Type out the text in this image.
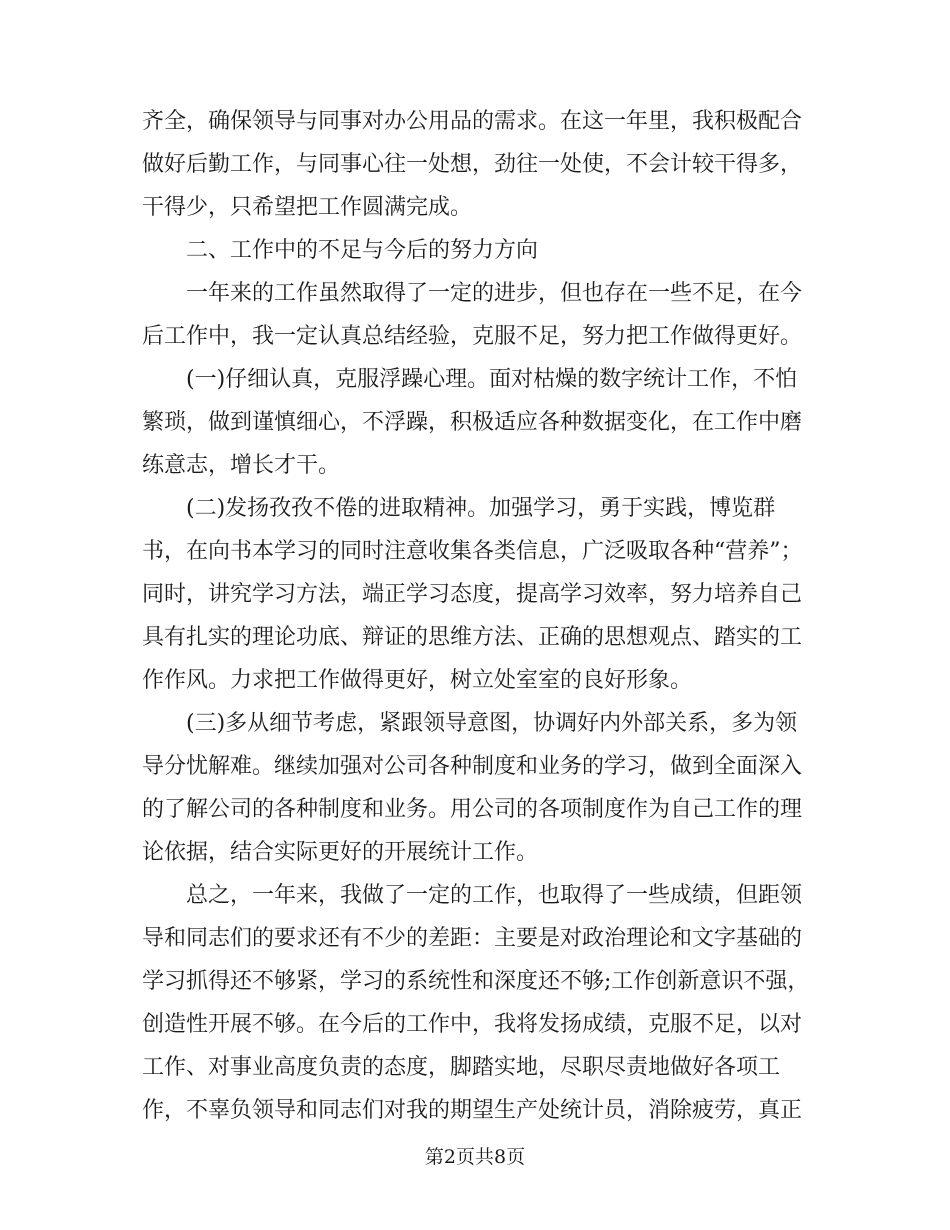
齐全，确保领导与同事对办公用品的需求。在这一年里，我积极配合
做好后勤工作，与同事心往一处想，劲往一处使，不会计较干得多，
干得少，只希望把工作圆满完成。
二、工作中的不足与今后的努力方向
一年来的工作虽然取得了一定的进步，但也存在一些不足，在今
后工作中，我一定认真总结经验，克服不足，努力把工作做得更好。
(一)仔细认真，克服浮躁心理。面对枯燥的数字统计工作，不怕
繁琐，做到谨慎细心，不浮躁，积极适应各种数据变化，在工作中磨
练意志，增长才干。
(二)发扬孜孜不倦的进取精神。加强学习，勇于实践，博览群
书，在向书本学习的同时注意收集各类信息，广泛吸取各种“营养”；
同时，讲究学习方法，端正学习态度，提高学习效率，努力培养自己
具有扎实的理论功底、辩证的思维方法、正确的思想观点、踏实的工
作作风。力求把工作做得更好，树立处室室的良好形象。
(三)多从细节考虑，紧跟领导意图，协调好内外部关系，多为领
导分忧解难。继续加强对公司各种制度和业务的学习，做到全面深入
的了解公司的各种制度和业务。用公司的各项制度作为自己工作的理
论依据，结合实际更好的开展统计工作。
总之，一年来，我做了一定的工作，也取得了一些成绩，但距领
导和同志们的要求还有不少的差距：主要是对政治理论和文字基础的
学习抓得还不够紧，学习的系统性和深度还不够;工作创新意识不强，
创造性开展不够。在今后的工作中，我将发扬成绩，克服不足，以对
工作、对事业高度负责的态度，脚踏实地，尽职尽责地做好各项工
作，不辜负领导和同志们对我的期望生产处统计员，消除疲劳，真正
第2页共8页
